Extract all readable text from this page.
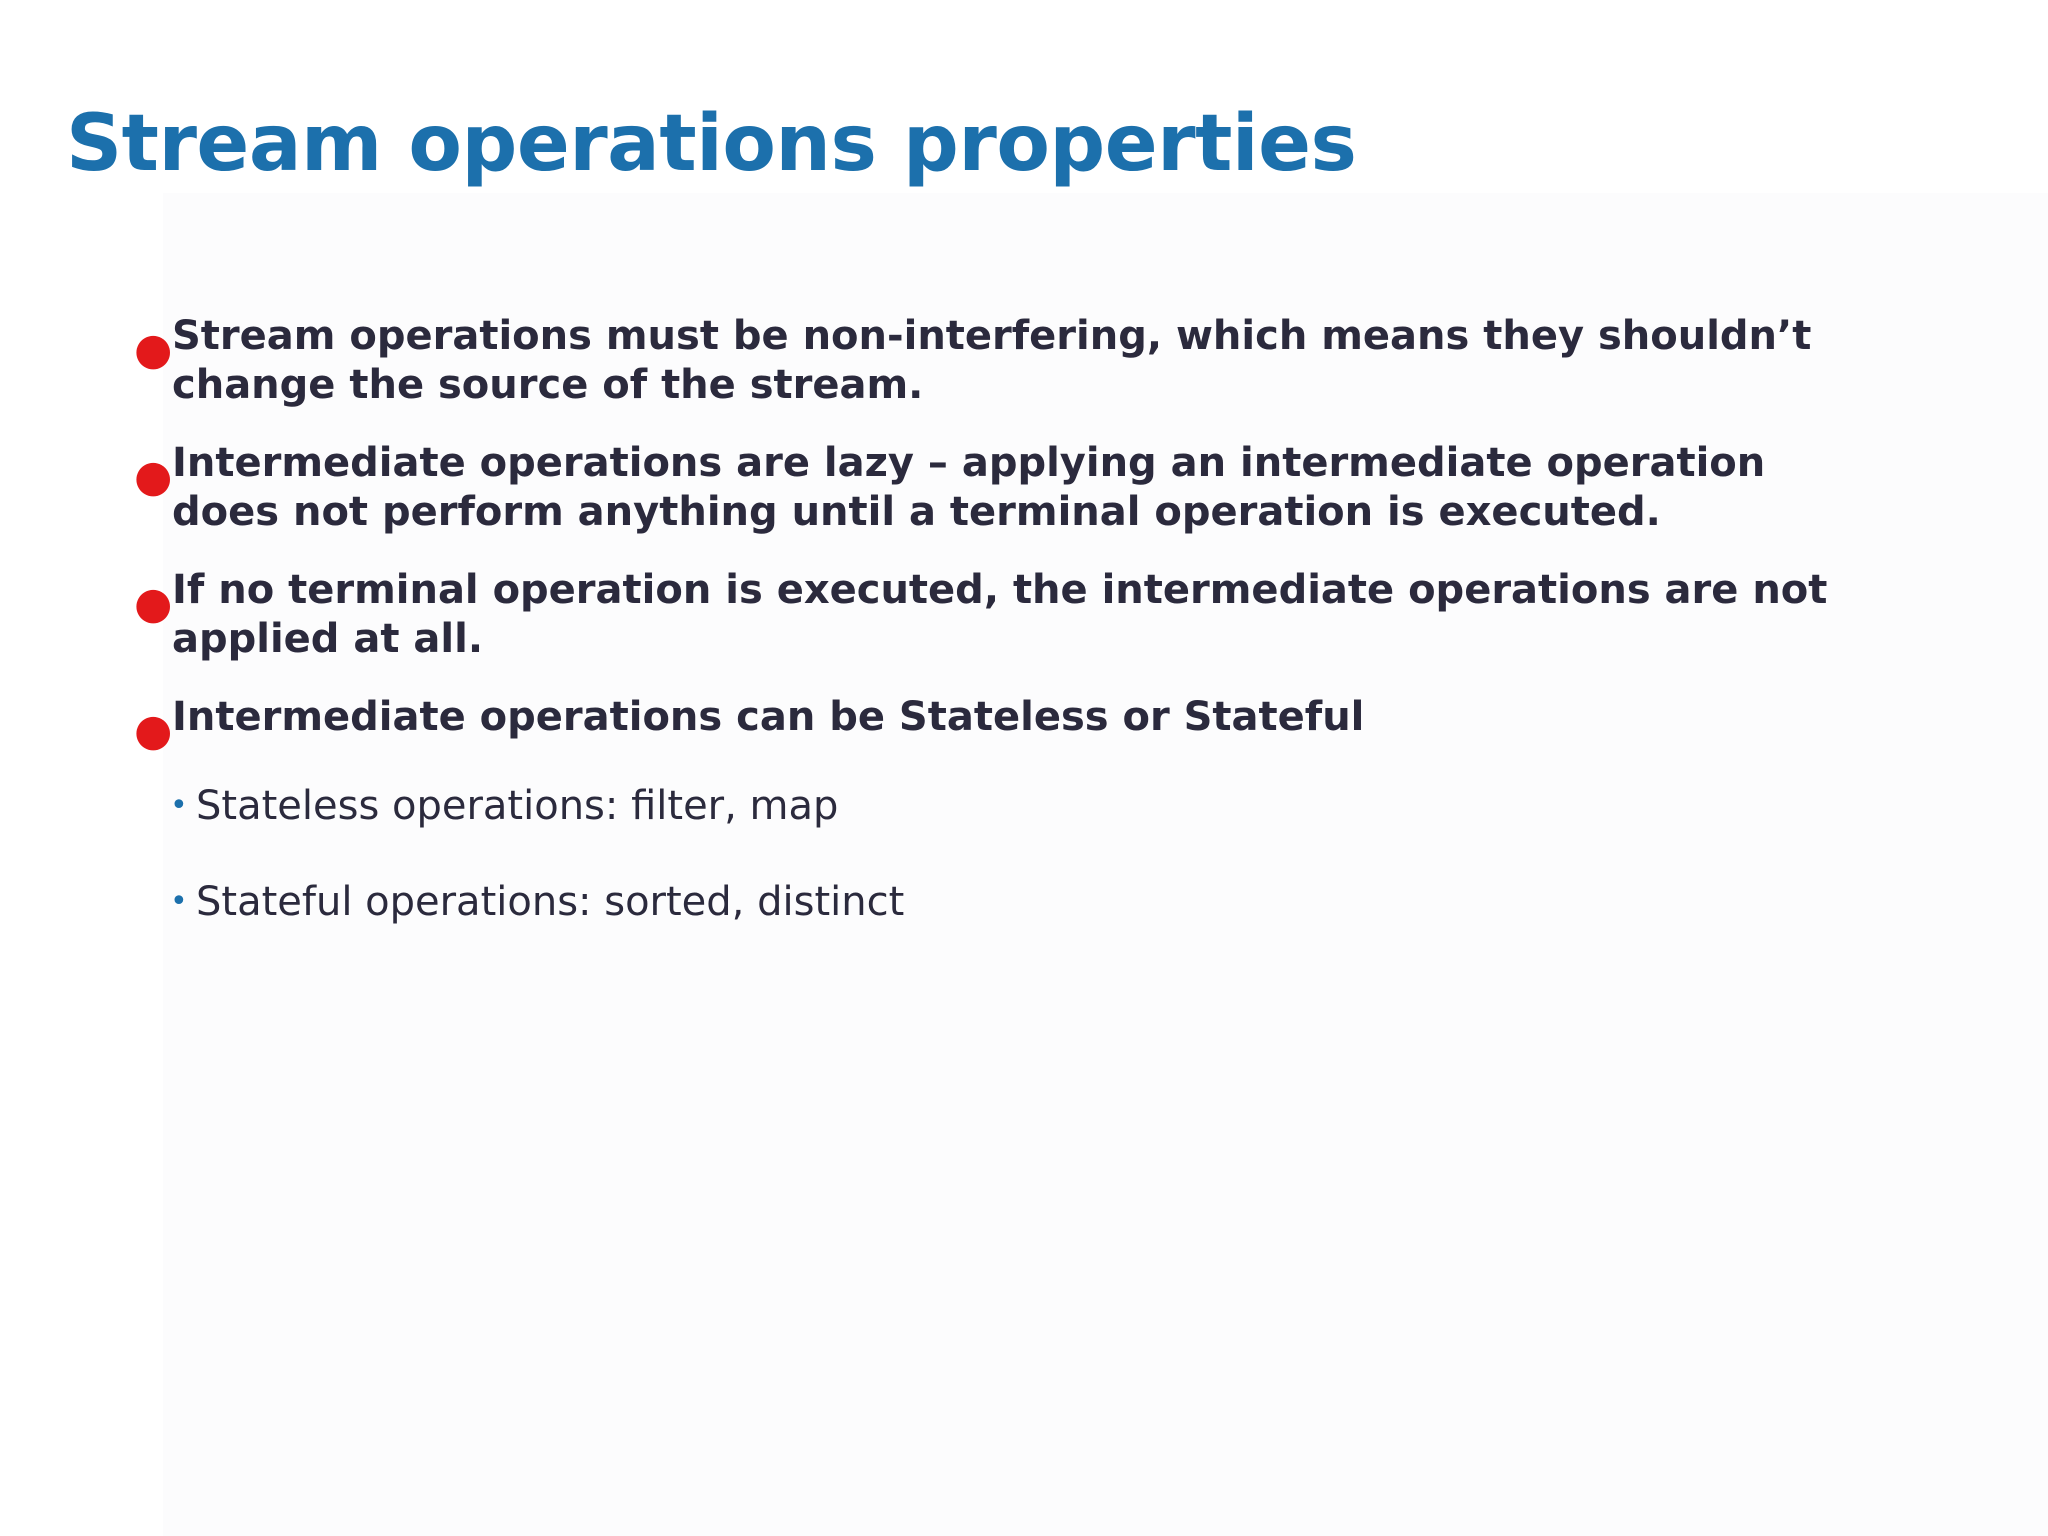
Stream operations properties
● Stream operations must be non-interfering, which means they shouldn’t change the source of the stream.
● Intermediate operations are lazy – applying an intermediate operation does not perform anything until a terminal operation is executed.
● If no terminal operation is executed, the intermediate operations are not applied at all.
● Intermediate operations can be Stateless or Stateful
• Stateless operations: filter, map
• Stateful operations: sorted, distinct
